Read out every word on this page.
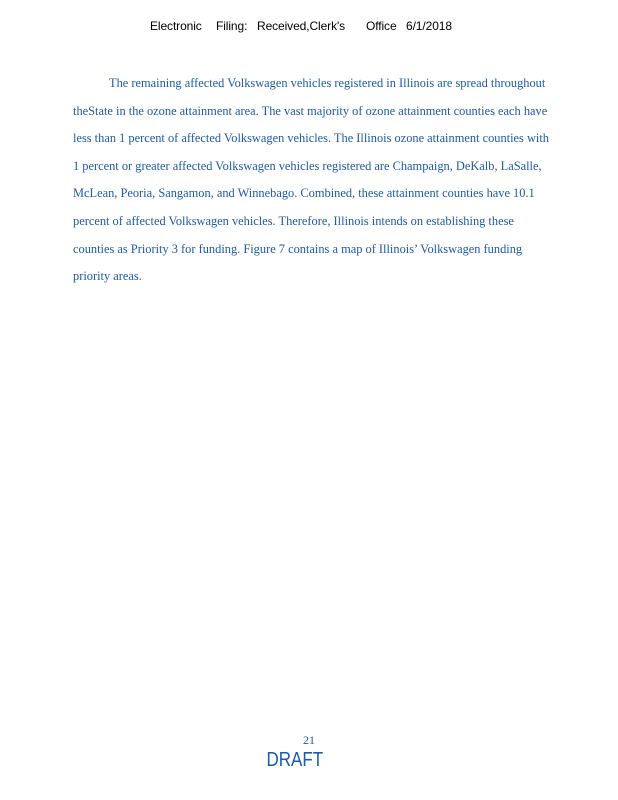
Electronic Filing: Received,Clerk's Office 6/1/2018
The remaining affected Volkswagen vehicles registered in Illinois are spread throughout
theState in the ozone attainment area. The vast majority of ozone attainment counties each have
less than 1 percent of affected Volkswagen vehicles. The Illinois ozone attainment counties with
1 percent or greater affected Volkswagen vehicles registered are Champaign, DeKalb, LaSalle,
McLean, Peoria, Sangamon, and Winnebago. Combined, these attainment counties have 10.1
percent of affected Volkswagen vehicles. Therefore, Illinois intends on establishing these
counties as Priority 3 for funding. Figure 7 contains a map of Illinois’ Volkswagen funding
priority areas.
21
DRAFT
